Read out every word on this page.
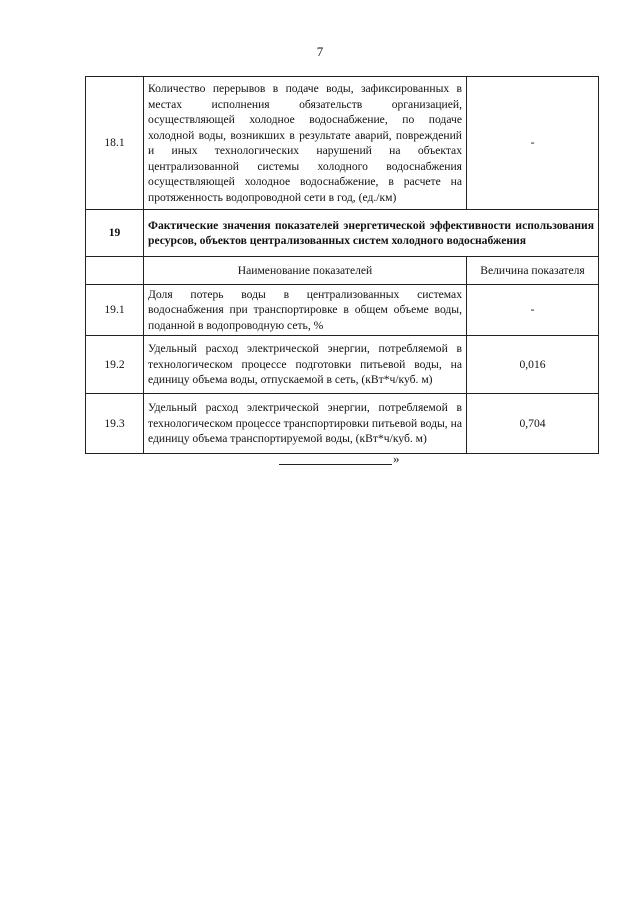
7
18.1	Количество перерывов в подаче воды, зафиксированных в местах исполнения обязательств организацией, осуществляющей холодное водоснабжение, по подаче холодной воды, возникших в результате аварий, повреждений и иных технологических нарушений на объектах централизованной системы холодного водоснабжения осуществляющей холодное водоснабжение, в расчете на протяженность водопроводной сети в год, (ед./км)	-
19	Фактические значения показателей энергетической эффективности использования ресурсов, объектов централизованных систем холодного водоснабжения	
	Наименование показателей	Величина показателя
19.1	Доля потерь воды в централизованных системах водоснабжения при транспортировке в общем объеме воды, поданной в водопроводную сеть, %	-
19.2	Удельный расход электрической энергии, потребляемой в технологическом процессе подготовки питьевой воды, на единицу объема воды, отпускаемой в сеть, (кВт*ч/куб. м)	0,016
19.3	Удельный расход электрической энергии, потребляемой в технологическом процессе транспортировки питьевой воды, на единицу объема транспортируемой воды, (кВт*ч/куб. м)	0,704
»
